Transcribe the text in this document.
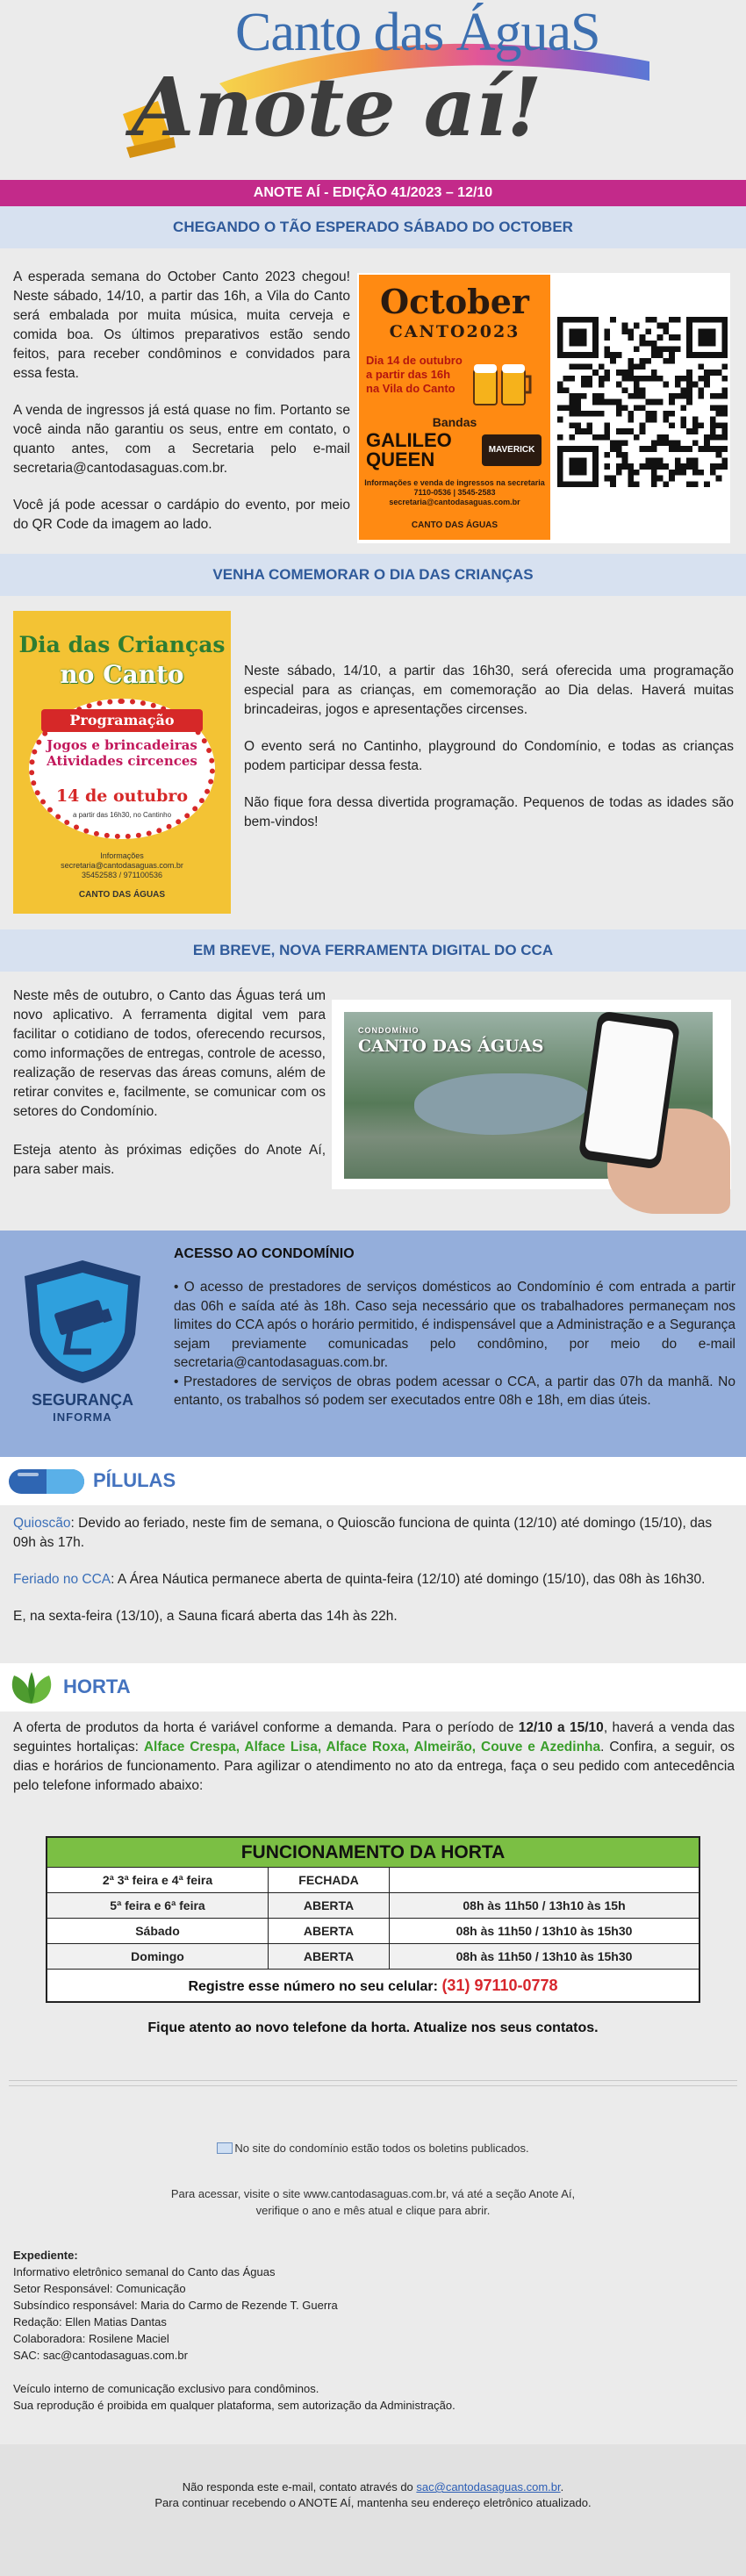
Canto das ÁguaS
Anote aí!
ANOTE AÍ - EDIÇÃO 41/2023 – 12/10
CHEGANDO O TÃO ESPERADO SÁBADO DO OCTOBER

A esperada semana do October Canto 2023 chegou! Neste sábado, 14/10, a partir das 16h, a Vila do Canto será embalada por muita música, muita cerveja e comida boa. Os últimos preparativos estão sendo feitos, para receber condôminos e convidados para essa festa.

A venda de ingressos já está quase no fim. Portanto se você ainda não garantiu os seus, entre em contato, o quanto antes, com a Secretaria pelo e-mail secretaria@cantodasaguas.com.br.

Você já pode acessar o cardápio do evento, por meio do QR Code da imagem ao lado.

October
CANTO2023
Dia 14 de outubro a partir das 16h na Vila do Canto
Bandas
GALILEO QUEEN	MAVERICK
Informações e venda de ingressos na secretaria 7110-0536 | 3545-2583 secretaria@cantodasaguas.com.br
CANTO DAS ÁGUAS
VENHA COMEMORAR O DIA DAS CRIANÇAS
Dia das Crianças
no Canto
Programação
Jogos e brincadeiras
Atividades circences
14 de outubro
a partir das 16h30, no Cantinho
Informações
secretaria@cantodasaguas.com.br
35452583 / 971100536
CANTO DAS ÁGUAS

Neste sábado, 14/10, a partir das 16h30, será oferecida uma programação especial para as crianças, em comemoração ao Dia delas. Haverá muitas brincadeiras, jogos e apresentações circenses.

O evento será no Cantinho, playground do Condomínio, e todas as crianças podem participar dessa festa.

Não fique fora dessa divertida programação. Pequenos de todas as idades são bem-vindos!

EM BREVE, NOVA FERRAMENTA DIGITAL DO CCA

Neste mês de outubro, o Canto das Águas terá um novo aplicativo. A ferramenta digital vem para facilitar o cotidiano de todos, oferecendo recursos, como informações de entregas, controle de acesso, realização de reservas das áreas comuns, além de retirar convites e, facilmente, se comunicar com os setores do Condomínio.

Esteja atento às próximas edições do Anote Aí, para saber mais.

CONDOMÍNIO
CANTO DAS ÁGUAS
SEGURANÇA
INFORMA
ACESSO AO CONDOMÍNIO

• O acesso de prestadores de serviços domésticos ao Condomínio é com entrada a partir das 06h e saída até às 18h. Caso seja necessário que os trabalhadores permaneçam nos limites do CCA após o horário permitido, é indispensável que a Administração e a Segurança sejam previamente comunicadas pelo condômino, por meio do e-mail secretaria@cantodasaguas.com.br.

• Prestadores de serviços de obras podem acessar o CCA, a partir das 07h da manhã. No entanto, os trabalhos só podem ser executados entre 08h e 18h, em dias úteis.

PÍLULAS

Quioscão: Devido ao feriado, neste fim de semana, o Quioscão funciona de quinta (12/10) até domingo (15/10), das 09h às 17h.

Feriado no CCA: A Área Náutica permanece aberta de quinta-feira (12/10) até domingo (15/10), das 08h às 16h30.

E, na sexta-feira (13/10), a Sauna ficará aberta das 14h às 22h.

HORTA

A oferta de produtos da horta é variável conforme a demanda. Para o período de 12/10 a 15/10, haverá a venda das seguintes hortaliças: Alface Crespa, Alface Lisa, Alface Roxa, Almeirão, Couve e Azedinha. Confira, a seguir, os dias e horários de funcionamento. Para agilizar o atendimento no ato da entrega, faça o seu pedido com antecedência pelo telefone informado abaixo:

FUNCIONAMENTO DA HORTA
2ª 3ª feira e 4ª feira	FECHADA
5ª feira e 6ª feira	ABERTA	08h às 11h50 / 13h10 às 15h
Sábado	ABERTA	08h às 11h50 / 13h10 às 15h30
Domingo	ABERTA	08h às 11h50 / 13h10 às 15h30
Registre esse número no seu celular: (31) 97110-0778
Fique atento ao novo telefone da horta. Atualize nos seus contatos.
No site do condomínio estão todos os boletins publicados.
Para acessar, visite o site www.cantodasaguas.com.br, vá até a seção Anote Aí,
verifique o ano e mês atual e clique para abrir.
Expediente:
Informativo eletrônico semanal do Canto das Águas
Setor Responsável: Comunicação
Subsíndico responsável: Maria do Carmo de Rezende T. Guerra
Redação: Ellen Matias Dantas
Colaboradora: Rosilene Maciel
SAC: sac@cantodasaguas.com.br
Veículo interno de comunicação exclusivo para condôminos.
Sua reprodução é proibida em qualquer plataforma, sem autorização da Administração.
Não responda este e-mail, contato através do sac@cantodasaguas.com.br.
Para continuar recebendo o ANOTE AÍ, mantenha seu endereço eletrônico atualizado.
